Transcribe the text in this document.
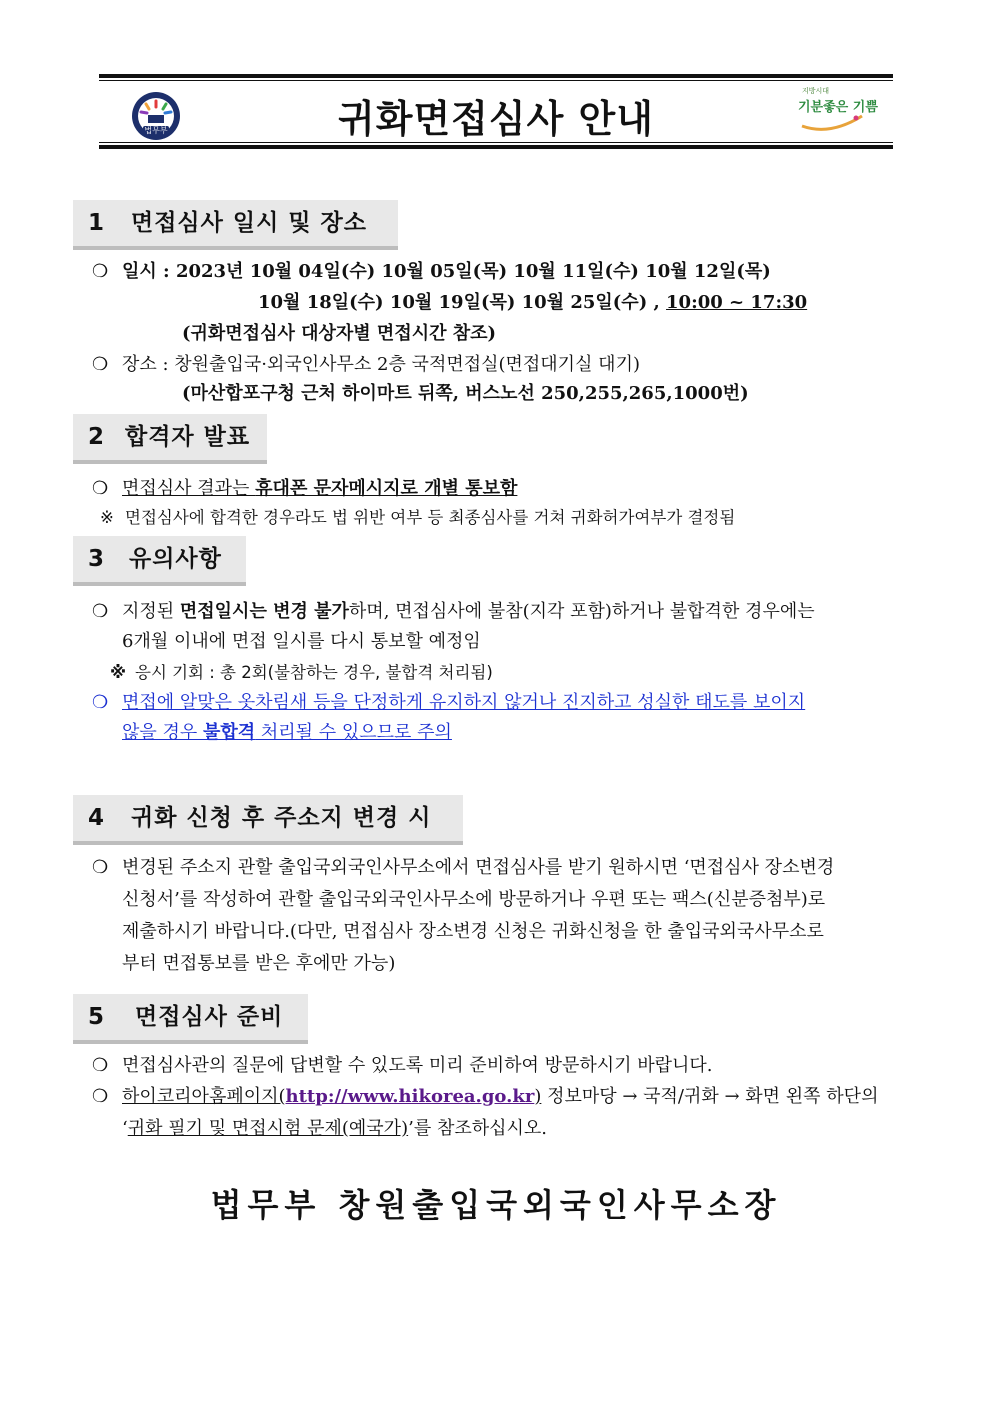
법무부	귀화면접심사 안내
지방시대
기분좋은 기쁨
1	면접심사 일시 및 장소
❍ 일시 : 2023년 10월 04일(수) 10월 05일(목) 10월 11일(수) 10월 12일(목)
10월 18일(수) 10월 19일(목) 10월 25일(수) , 10:00 ~ 17:30
(귀화면접심사 대상자별 면접시간 참조)
❍ 장소 : 창원출입국·외국인사무소 2층 국적면접실(면접대기실 대기)
(마산합포구청 근처 하이마트 뒤쪽, 버스노선 250,255,265,1000번)
2 합격자 발표
❍ 면접심사 결과는 휴대폰 문자메시지로 개별 통보함
※ 면접심사에 합격한 경우라도 법 위반 여부 등 최종심사를 거쳐 귀화허가여부가 결정됨
3	유의사항
❍ 지정된 면접일시는 변경 불가하며, 면접심사에 불참(지각 포함)하거나 불합격한 경우에는
6개월 이내에 면접 일시를 다시 통보할 예정임
※ 응시 기회 : 총 2회(불참하는 경우, 불합격 처리됨)
❍ 면접에 알맞은 옷차림새 등을 단정하게 유지하지 않거나 진지하고 성실한 태도를 보이지
않을 경우 불합격 처리될 수 있으므로 주의
4	귀화 신청 후 주소지 변경 시
❍ 변경된 주소지 관할 출입국외국인사무소에서 면접심사를 받기 원하시면 ‘면접심사 장소변경
신청서’를 작성하여 관할 출입국외국인사무소에 방문하거나 우편 또는 팩스(신분증첨부)로
제출하시기 바랍니다.(다만, 면접심사 장소변경 신청은 귀화신청을 한 출입국외국사무소로
부터 면접통보를 받은 후에만 가능)
5	면접심사 준비
❍ 면접심사관의 질문에 답변할 수 있도록 미리 준비하여 방문하시기 바랍니다.
❍ 하이코리아홈페이지(http://www.hikorea.go.kr) 정보마당 → 국적/귀화 → 화면 왼쪽 하단의
‘귀화 필기 및 면접시험 문제(예국가)’를 참조하십시오.
법무부 창원출입국외국인사무소장
